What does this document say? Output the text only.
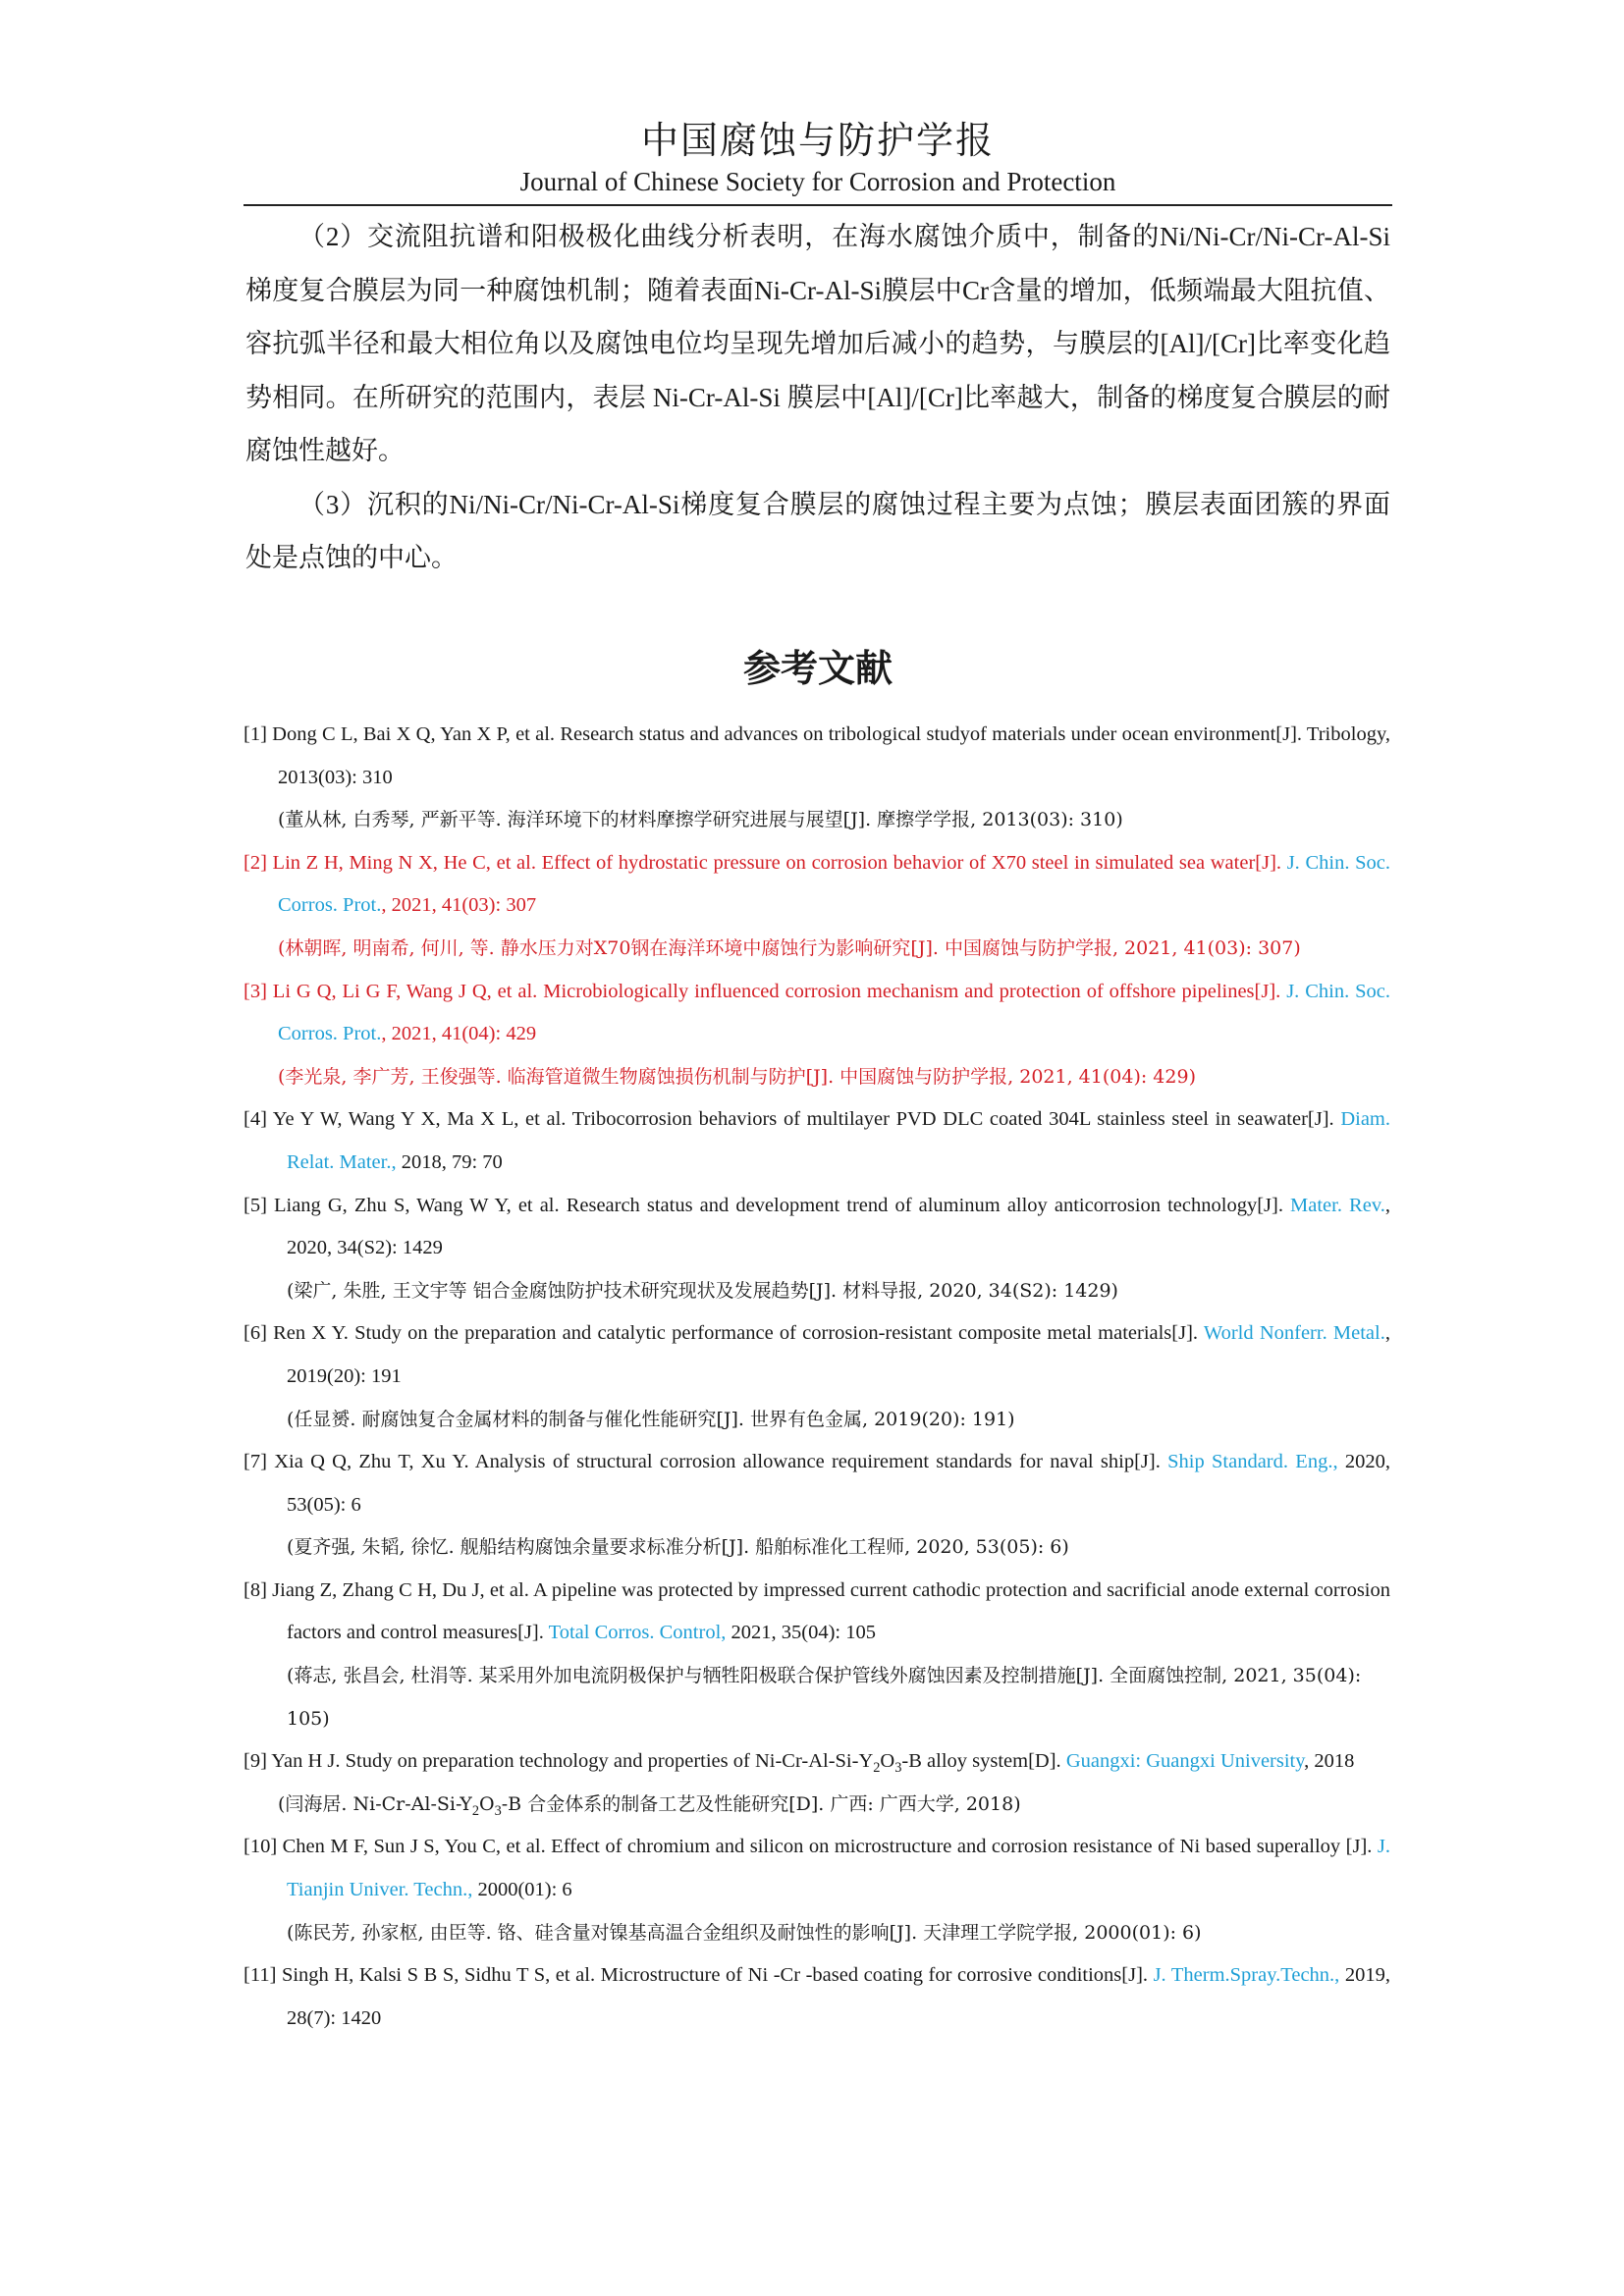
中国腐蚀与防护学报
Journal of Chinese Society for Corrosion and Protection

（2）交流阻抗谱和阳极极化曲线分析表明，在海水腐蚀介质中，制备的Ni/Ni-Cr/Ni-Cr-Al-Si梯度复合膜层为同一种腐蚀机制；随着表面Ni-Cr-Al-Si膜层中Cr含量的增加，低频端最大阻抗值、容抗弧半径和最大相位角以及腐蚀电位均呈现先增加后减小的趋势，与膜层的[Al]/[Cr]比率变化趋势相同。在所研究的范围内，表层 Ni-Cr-Al-Si 膜层中[Al]/[Cr]比率越大，制备的梯度复合膜层的耐腐蚀性越好。

（3）沉积的Ni/Ni-Cr/Ni-Cr-Al-Si梯度复合膜层的腐蚀过程主要为点蚀；膜层表面团簇的界面处是点蚀的中心。

参考文献
[1] Dong C L, Bai X Q, Yan X P, et al. Research status and advances on tribological studyof materials under ocean environment[J]. Tribology, 2013(03): 310
(董从林, 白秀琴, 严新平等. 海洋环境下的材料摩擦学研究进展与展望[J]. 摩擦学学报, 2013(03): 310)
[2] Lin Z H, Ming N X, He C, et al. Effect of hydrostatic pressure on corrosion behavior of X70 steel in simulated sea water[J]. J. Chin. Soc. Corros. Prot., 2021, 41(03): 307
(林朝晖, 明南希, 何川, 等. 静水压力对X70钢在海洋环境中腐蚀行为影响研究[J]. 中国腐蚀与防护学报, 2021, 41(03): 307)
[3] Li G Q, Li G F, Wang J Q, et al. Microbiologically influenced corrosion mechanism and protection of offshore pipelines[J]. J. Chin. Soc. Corros. Prot., 2021, 41(04): 429
(李光泉, 李广芳, 王俊强等. 临海管道微生物腐蚀损伤机制与防护[J]. 中国腐蚀与防护学报, 2021, 41(04): 429)
[4] Ye Y W, Wang Y X, Ma X L, et al. Tribocorrosion behaviors of multilayer PVD DLC coated 304L stainless steel in seawater[J]. Diam. Relat. Mater., 2018, 79: 70
[5] Liang G, Zhu S, Wang W Y, et al. Research status and development trend of aluminum alloy anticorrosion technology[J]. Mater. Rev., 2020, 34(S2): 1429
(梁广, 朱胜, 王文宇等 铝合金腐蚀防护技术研究现状及发展趋势[J]. 材料导报, 2020, 34(S2): 1429)
[6] Ren X Y. Study on the preparation and catalytic performance of corrosion-resistant composite metal materials[J]. World Nonferr. Metal., 2019(20): 191
(任显赟. 耐腐蚀复合金属材料的制备与催化性能研究[J]. 世界有色金属, 2019(20): 191)
[7] Xia Q Q, Zhu T, Xu Y. Analysis of structural corrosion allowance requirement standards for naval ship[J]. Ship Standard. Eng., 2020, 53(05): 6
(夏齐强, 朱韬, 徐忆. 舰船结构腐蚀余量要求标准分析[J]. 船舶标准化工程师, 2020, 53(05): 6)
[8] Jiang Z, Zhang C H, Du J, et al. A pipeline was protected by impressed current cathodic protection and sacrificial anode external corrosion factors and control measures[J]. Total Corros. Control, 2021, 35(04): 105
(蒋志, 张昌会, 杜涓等. 某采用外加电流阴极保护与牺牲阳极联合保护管线外腐蚀因素及控制措施[J]. 全面腐蚀控制, 2021, 35(04): 105)
[9] Yan H J. Study on preparation technology and properties of $Ni-Cr-Al-Si-Y_2O_3-B$ alloy system[D]. Guangxi: Guangxi University, 2018
(闫海居. $Ni-Cr-Al-Si-Y_2O_3-B$ 合金体系的制备工艺及性能研究[D]. 广西: 广西大学, 2018)
[10] Chen M F, Sun J S, You C, et al. Effect of chromium and silicon on microstructure and corrosion resistance of Ni based superalloy [J]. J. Tianjin Univer. Techn., 2000(01): 6
(陈民芳, 孙家枢, 由臣等. 铬、硅含量对镍基高温合金组织及耐蚀性的影响[J]. 天津理工学院学报, 2000(01): 6)
[11] Singh H, Kalsi S B S, Sidhu T S, et al. Microstructure of Ni -Cr -based coating for corrosive conditions[J]. J. Therm.Spray.Techn., 2019, 28(7): 1420
